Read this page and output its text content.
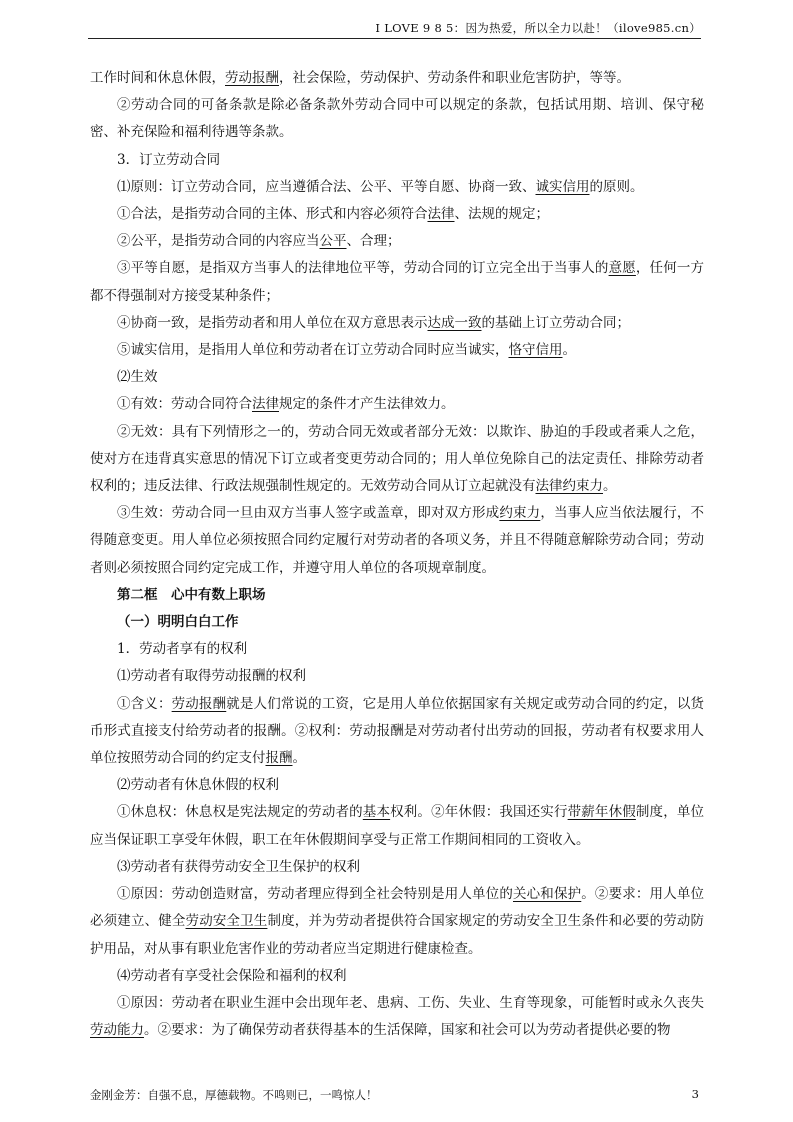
I LOVE 9 8 5：因为热爱，所以全力以赴！（ilove985.cn）

工作时间和休息休假，劳动报酬，社会保险，劳动保护、劳动条件和职业危害防护，等等。

②劳动合同的可备条款是除必备条款外劳动合同中可以规定的条款，包括试用期、培训、保守秘密、补充保险和福利待遇等条款。

3．订立劳动合同

⑴原则：订立劳动合同，应当遵循合法、公平、平等自愿、协商一致、诚实信用的原则。

①合法，是指劳动合同的主体、形式和内容必须符合法律、法规的规定；

②公平，是指劳动合同的内容应当公平、合理；

③平等自愿，是指双方当事人的法律地位平等，劳动合同的订立完全出于当事人的意愿，任何一方都不得强制对方接受某种条件；

④协商一致，是指劳动者和用人单位在双方意思表示达成一致的基础上订立劳动合同；

⑤诚实信用，是指用人单位和劳动者在订立劳动合同时应当诚实，恪守信用。

⑵生效

①有效：劳动合同符合法律规定的条件才产生法律效力。

②无效：具有下列情形之一的，劳动合同无效或者部分无效：以欺诈、胁迫的手段或者乘人之危，使对方在违背真实意思的情况下订立或者变更劳动合同的；用人单位免除自己的法定责任、排除劳动者权利的；违反法律、行政法规强制性规定的。无效劳动合同从订立起就没有法律约束力。

③生效：劳动合同一旦由双方当事人签字或盖章，即对双方形成约束力，当事人应当依法履行，不得随意变更。用人单位必须按照合同约定履行对劳动者的各项义务，并且不得随意解除劳动合同；劳动者则必须按照合同约定完成工作，并遵守用人单位的各项规章制度。

第二框　心中有数上职场

（一）明明白白工作

1．劳动者享有的权利

⑴劳动者有取得劳动报酬的权利

①含义：劳动报酬就是人们常说的工资，它是用人单位依据国家有关规定或劳动合同的约定，以货币形式直接支付给劳动者的报酬。②权利：劳动报酬是对劳动者付出劳动的回报，劳动者有权要求用人单位按照劳动合同的约定支付报酬。

⑵劳动者有休息休假的权利

①休息权：休息权是宪法规定的劳动者的基本权利。②年休假：我国还实行带薪年休假制度，单位应当保证职工享受年休假，职工在年休假期间享受与正常工作期间相同的工资收入。

⑶劳动者有获得劳动安全卫生保护的权利

①原因：劳动创造财富，劳动者理应得到全社会特别是用人单位的关心和保护。②要求：用人单位必须建立、健全劳动安全卫生制度，并为劳动者提供符合国家规定的劳动安全卫生条件和必要的劳动防护用品，对从事有职业危害作业的劳动者应当定期进行健康检查。

⑷劳动者有享受社会保险和福利的权利

①原因：劳动者在职业生涯中会出现年老、患病、工伤、失业、生育等现象，可能暂时或永久丧失劳动能力。②要求：为了确保劳动者获得基本的生活保障，国家和社会可以为劳动者提供必要的物

金刚金芳：自强不息，厚德载物。不鸣则已，一鸣惊人！	3
